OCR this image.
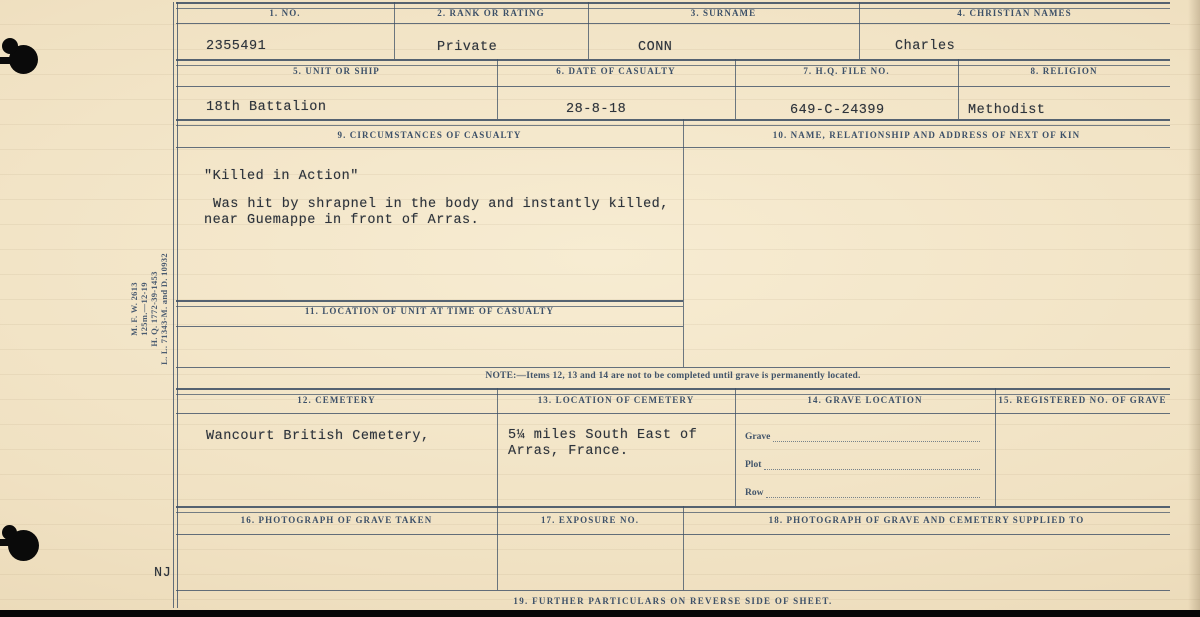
M. F. W. 2613 125m.—12-19 H. Q. 1772-39-1453 L. L. 71343-M. and D. 10932
NJ
1. NO.	2. RANK OR RATING	3. SURNAME	4. CHRISTIAN NAMES
2355491	Private	CONN	Charles
5. UNIT OR SHIP	6. DATE OF CASUALTY	7. H.Q. FILE NO.	8. RELIGION
18th Battalion	28-8-18	649-C-24399	Methodist
9. CIRCUMSTANCES OF CASUALTY	10. NAME, RELATIONSHIP AND ADDRESS OF NEXT OF KIN
"Killed in Action"
Was hit by shrapnel in the body and instantly killed,
near Guemappe in front of Arras.
11. LOCATION OF UNIT AT TIME OF CASUALTY
NOTE:—Items 12, 13 and 14 are not to be completed until grave is permanently located.
12. CEMETERY	13. LOCATION OF CEMETERY	14. GRAVE LOCATION	15. REGISTERED NO. OF GRAVE
Wancourt British Cemetery,	5¼ miles South East of
Arras, France.
Grave
Plot
Row
16. PHOTOGRAPH OF GRAVE TAKEN	17. EXPOSURE NO.	18. PHOTOGRAPH OF GRAVE AND CEMETERY SUPPLIED TO
19. FURTHER PARTICULARS ON REVERSE SIDE OF SHEET.
